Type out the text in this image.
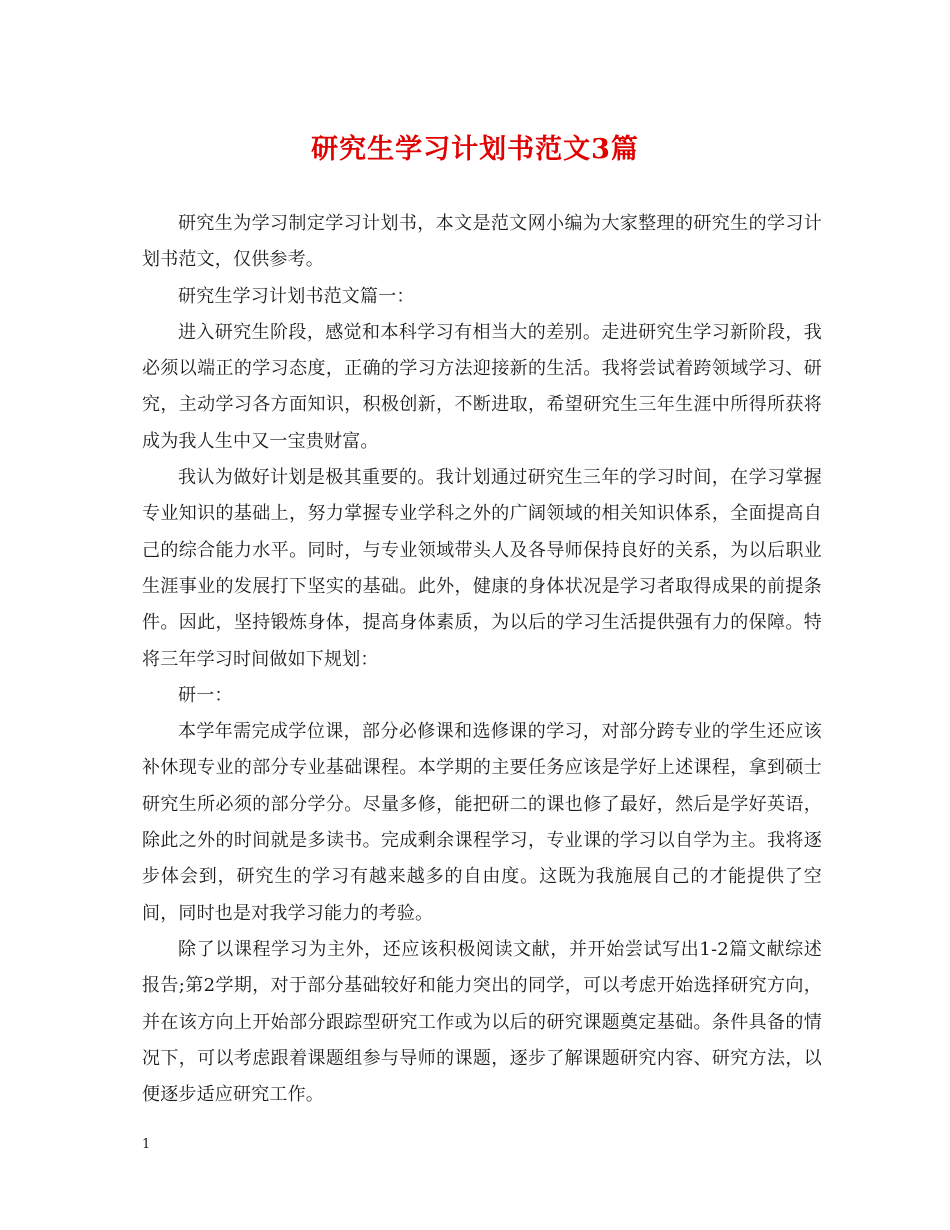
研究生学习计划书范文3篇

研究生为学习制定学习计划书，本文是范文网小编为大家整理的研究生的学习计划书范文，仅供参考。

研究生学习计划书范文篇一：

进入研究生阶段，感觉和本科学习有相当大的差别。走进研究生学习新阶段，我必须以端正的学习态度，正确的学习方法迎接新的生活。我将尝试着跨领域学习、研究，主动学习各方面知识，积极创新，不断进取，希望研究生三年生涯中所得所获将成为我人生中又一宝贵财富。

我认为做好计划是极其重要的。我计划通过研究生三年的学习时间，在学习掌握专业知识的基础上，努力掌握专业学科之外的广阔领域的相关知识体系，全面提高自己的综合能力水平。同时，与专业领域带头人及各导师保持良好的关系，为以后职业生涯事业的发展打下坚实的基础。此外，健康的身体状况是学习者取得成果的前提条件。因此，坚持锻炼身体，提高身体素质，为以后的学习生活提供强有力的保障。特将三年学习时间做如下规划：

研一：

本学年需完成学位课，部分必修课和选修课的学习，对部分跨专业的学生还应该补休现专业的部分专业基础课程。本学期的主要任务应该是学好上述课程，拿到硕士研究生所必须的部分学分。尽量多修，能把研二的课也修了最好，然后是学好英语，除此之外的时间就是多读书。完成剩余课程学习，专业课的学习以自学为主。我将逐步体会到，研究生的学习有越来越多的自由度。这既为我施展自己的才能提供了空间，同时也是对我学习能力的考验。

除了以课程学习为主外，还应该积极阅读文献，并开始尝试写出1-2篇文献综述报告;第2学期，对于部分基础较好和能力突出的同学，可以考虑开始选择研究方向，并在该方向上开始部分跟踪型研究工作或为以后的研究课题奠定基础。条件具备的情况下，可以考虑跟着课题组参与导师的课题，逐步了解课题研究内容、研究方法，以便逐步适应研究工作。

1
